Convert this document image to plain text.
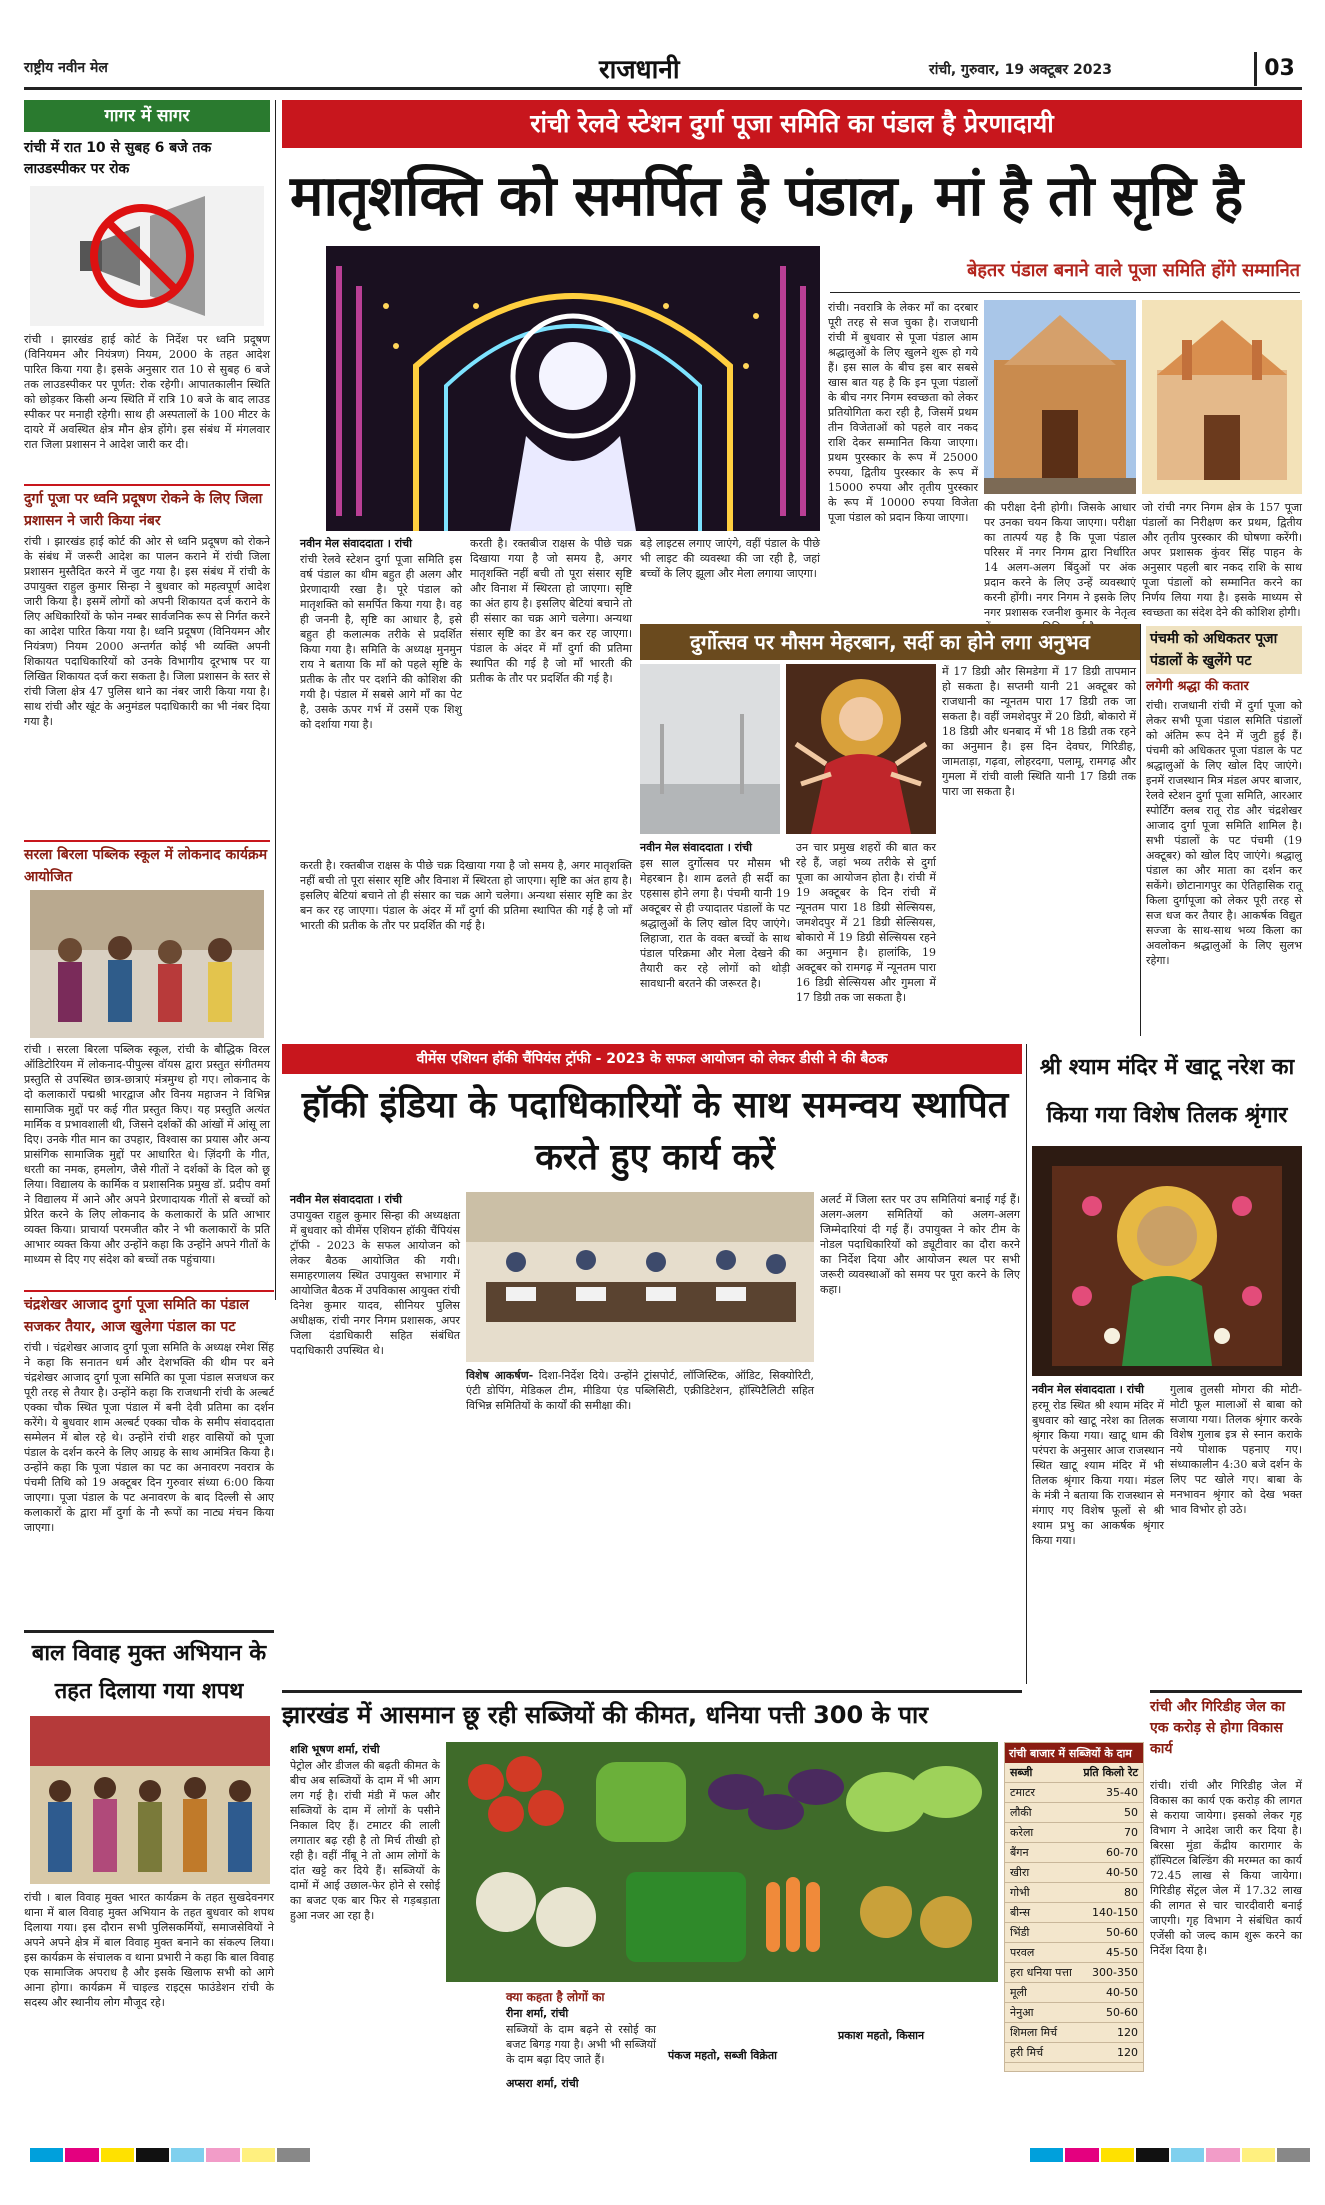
राष्ट्रीय नवीन मेल	राजधानी	रांची, गुरुवार, 19 अक्टूबर 2023	03
गागर में सागर
रांची में रात 10 से सुबह 6 बजे तक लाउडस्पीकर पर रोक
रांची । झारखंड हाई कोर्ट के निर्देश पर ध्वनि प्रदूषण (विनियमन और नियंत्रण) नियम, 2000 के तहत आदेश पारित किया गया है। इसके अनुसार रात 10 से सुबह 6 बजे तक लाउडस्पीकर पर पूर्णत: रोक रहेगी। आपातकालीन स्थिति को छोड़कर किसी अन्य स्थिति में रात्रि 10 बजे के बाद लाउड स्पीकर पर मनाही रहेगी। साथ ही अस्पतालों के 100 मीटर के दायरे में अवस्थित क्षेत्र मौन क्षेत्र होंगे। इस संबंध में मंगलवार रात जिला प्रशासन ने आदेश जारी कर दी।
दुर्गा पूजा पर ध्वनि प्रदूषण रोकने के लिए जिला प्रशासन ने जारी किया नंबर
रांची । झारखंड हाई कोर्ट की ओर से ध्वनि प्रदूषण को रोकने के संबंध में जरूरी आदेश का पालन कराने में रांची जिला प्रशासन मुस्तैदित करने में जुट गया है। इस संबंध में रांची के उपायुक्त राहुल कुमार सिन्हा ने बुधवार को महत्वपूर्ण आदेश जारी किया है। इसमें लोगों को अपनी शिकायत दर्ज कराने के लिए अधिकारियों के फोन नम्बर सार्वजनिक रूप से निर्गत करने का आदेश पारित किया गया है। ध्वनि प्रदूषण (विनियमन और नियंत्रण) नियम 2000 अन्तर्गत कोई भी व्यक्ति अपनी शिकायत पदाधिकारियों को उनके विभागीय दूरभाष पर या लिखित शिकायत दर्ज करा सकता है। जिला प्रशासन के स्तर से रांची जिला क्षेत्र 47 पुलिस थाने का नंबर जारी किया गया है। साथ रांची और खूंट के अनुमंडल पदाधिकारी का भी नंबर दिया गया है।
सरला बिरला पब्लिक स्कूल में लोकनाद कार्यक्रम आयोजित
रांची । सरला बिरला पब्लिक स्कूल, रांची के बौद्धिक विरल ऑडिटोरियम में लोकनाद-पीपुल्स वॉयस द्वारा प्रस्तुत संगीतमय प्रस्तुति से उपस्थित छात्र-छात्राएं मंत्रमुग्ध हो गए। लोकनाद के दो कलाकारों पद्मश्री भारद्वाज और विनय महाजन ने विभिन्न सामाजिक मुद्दों पर कई गीत प्रस्तुत किए। यह प्रस्तुति अत्यंत मार्मिक व प्रभावशाली थी, जिसने दर्शकों की आंखों में आंसू ला दिए। उनके गीत मान का उपहार, विश्वास का प्रयास और अन्य प्रासंगिक सामाजिक मुद्दों पर आधारित थे। ज़िंदगी के गीत, धरती का नमक, हमलोग, जैसे गीतों ने दर्शकों के दिल को छू लिया। विद्यालय के कार्मिक व प्रशासनिक प्रमुख डॉ. प्रदीप वर्मा ने विद्यालय में आने और अपने प्रेरणादायक गीतों से बच्चों को प्रेरित करने के लिए लोकनाद के कलाकारों के प्रति आभार व्यक्त किया। प्राचार्या परमजीत कौर ने भी कलाकारों के प्रति आभार व्यक्त किया और उन्होंने कहा कि उन्होंने अपने गीतों के माध्यम से दिए गए संदेश को बच्चों तक पहुंचाया।
चंद्रशेखर आजाद दुर्गा पूजा समिति का पंडाल सजकर तैयार, आज खुलेगा पंडाल का पट
रांची । चंद्रशेखर आजाद दुर्गा पूजा समिति के अध्यक्ष रमेश सिंह ने कहा कि सनातन धर्म और देशभक्ति की थीम पर बने चंद्रशेखर आजाद दुर्गा पूजा समिति का पूजा पंडाल सजधज कर पूरी तरह से तैयार है। उन्होंने कहा कि राजधानी रांची के अल्बर्ट एक्का चौक स्थित पूजा पंडाल में बनी देवी प्रतिमा का दर्शन करेंगे। ये बुधवार शाम अल्बर्ट एक्का चौक के समीप संवाददाता सम्मेलन में बोल रहे थे। उन्होंने रांची शहर वासियों को पूजा पंडाल के दर्शन करने के लिए आग्रह के साथ आमंत्रित किया है। उन्होंने कहा कि पूजा पंडाल का पट का अनावरण नवरात्र के पंचमी तिथि को 19 अक्टूबर दिन गुरुवार संध्या 6:00 किया जाएगा। पूजा पंडाल के पट अनावरण के बाद दिल्ली से आए कलाकारों के द्वारा माँ दुर्गा के नौ रूपों का नाट्य मंचन किया जाएगा।
रांची रेलवे स्टेशन दुर्गा पूजा समिति का पंडाल है प्रेरणादायी
मातृशक्ति को समर्पित है पंडाल, मां है तो सृष्टि है
बेहतर पंडाल बनाने वाले पूजा समिति होंगे सम्मानित
रांची। नवरात्रि के लेकर माँ का दरबार पूरी तरह से सज चुका है। राजधानी रांची में बुधवार से पूजा पंडाल आम श्रद्धालुओं के लिए खुलने शुरू हो गये हैं। इस साल के बीच इस बार सबसे खास बात यह है कि इन पूजा पंडालों के बीच नगर निगम स्वच्छता को लेकर प्रतियोगिता करा रही है, जिसमें प्रथम तीन विजेताओं को पहले वार नकद राशि देकर सम्मानित किया जाएगा। प्रथम पुरस्कार के रूप में 25000 रुपया, द्वितीय पुरस्कार के रूप में 15000 रुपया और तृतीय पुरस्कार के रूप में 10000 रुपया विजेता पूजा पंडाल को प्रदान किया जाएगा।
की परीक्षा देनी होगी। जिसके आधार पर उनका चयन किया जाएगा। परीक्षा का तात्पर्य यह है कि पूजा पंडाल परिसर में नगर निगम द्वारा निर्धारित 14 अलग-अलग बिंदुओं पर अंक प्रदान करने के लिए उन्हें व्यवस्थाएं करनी होंगी। नगर निगम ने इसके लिए नगर प्रशासक रजनीश कुमार के नेतृत्व
जो रांची नगर निगम क्षेत्र के 157 पूजा पंडालों का निरीक्षण कर प्रथम, द्वितीय और तृतीय पुरस्कार की घोषणा करेंगी। अपर प्रशासक कुंवर सिंह पाहन के अनुसार पहली बार नकद राशि के साथ पूजा पंडालों को सम्मानित करने का निर्णय लिया गया है। इसके माध्यम से स्वच्छता का संदेश देने की कोशिश होगी।
नवीन मेल संवाददाता । रांची
रांची रेलवे स्टेशन दुर्गा पूजा समिति इस वर्ष पंडाल का थीम बहुत ही अलग और प्रेरणादायी रखा है। पूरे पंडाल को मातृशक्ति को समर्पित किया गया है। वह ही जननी है, सृष्टि का आधार है, इसे बहुत ही कलात्मक तरीके से प्रदर्शित किया गया है। समिति के अध्यक्ष मुनमुन राय ने बताया कि माँ को पहले सृष्टि के प्रतीक के तौर पर दर्शाने की कोशिश की गयी है। पंडाल में सबसे आगे माँ का पेट है, उसके ऊपर गर्भ में उसमें एक शिशु को दर्शाया गया है।
करती है। रक्तबीज राक्षस के पीछे चक्र दिखाया गया है जो समय है, अगर मातृशक्ति नहीं बची तो पूरा संसार सृष्टि और विनाश में स्थिरता हो जाएगा। सृष्टि का अंत हाय है। इसलिए बेटियां बचाने तो ही संसार का चक्र आगे चलेगा। अन्यथा संसार सृष्टि का डेर बन कर रह जाएगा। पंडाल के अंदर में माँ दुर्गा की प्रतिमा स्थापित की गई है जो माँ भारती की प्रतीक के तौर पर प्रदर्शित की गई है।
बड़े लाइटस लगाए जाएंगे, वहीं पंडाल के पीछे भी लाइट की व्यवस्था की जा रही है, जहां बच्चों के लिए झूला और मेला लगाया जाएगा।
दुर्गोत्सव पर मौसम मेहरबान, सर्दी का होने लगा अनुभव
नवीन मेल संवाददाता । रांची
इस साल दुर्गोत्सव पर मौसम भी मेहरबान है। शाम ढलते ही सर्दी का एहसास होने लगा है। पंचमी यानी 19 अक्टूबर से ही ज्यादातर पंडालों के पट श्रद्धालुओं के लिए खोल दिए जाएंगे। लिहाजा, रात के वक्त बच्चों के साथ पंडाल परिक्रमा और मेला देखने की तैयारी कर रहे लोगों को थोड़ी सावधानी बरतने की जरूरत है।
उन चार प्रमुख शहरों की बात कर रहे हैं, जहां भव्य तरीके से दुर्गा पूजा का आयोजन होता है। रांची में 19 अक्टूबर के दिन रांची में न्यूनतम पारा 18 डिग्री सेल्सियस, जमशेदपुर में 21 डिग्री सेल्सियस, बोकारो में 19 डिग्री सेल्सियस रहने का अनुमान है। हालांकि, 19 अक्टूबर को रामगढ़ में न्यूनतम पारा 16 डिग्री सेल्सियस और गुमला में 17 डिग्री तक जा सकता है।
में 17 डिग्री और सिमडेगा में 17 डिग्री तापमान हो सकता है। सप्तमी यानी 21 अक्टूबर को राजधानी का न्यूनतम पारा 17 डिग्री तक जा सकता है। वहीं जमशेदपुर में 20 डिग्री, बोकारो में 18 डिग्री और धनबाद में भी 18 डिग्री तक रहने का अनुमान है। इस दिन देवघर, गिरिडीह, जामताड़ा, गढ़वा, लोहरदगा, पलामू, रामगढ़ और गुमला में रांची वाली स्थिति यानी 17 डिग्री तक पारा जा सकता है।
करती है। रक्तबीज राक्षस के पीछे चक्र दिखाया गया है जो समय है, अगर मातृशक्ति नहीं बची तो पूरा संसार सृष्टि और विनाश में स्थिरता हो जाएगा। सृष्टि का अंत हाय है। इसलिए बेटियां बचाने तो ही संसार का चक्र आगे चलेगा। अन्यथा संसार सृष्टि का डेर बन कर रह जाएगा। पंडाल के अंदर में माँ दुर्गा की प्रतिमा स्थापित की गई है जो माँ भारती की प्रतीक के तौर पर प्रदर्शित की गई है।
पंचमी को अधिकतर पूजा पंडालों के खुलेंगे पट
लगेगी श्रद्धा की कतार
रांची। राजधानी रांची में दुर्गा पूजा को लेकर सभी पूजा पंडाल समिति पंडालों को अंतिम रूप देने में जुटी हुई हैं। पंचमी को अधिकतर पूजा पंडाल के पट श्रद्धालुओं के लिए खोल दिए जाएंगे। इनमें राजस्थान मित्र मंडल अपर बाजार, रेलवे स्टेशन दुर्गा पूजा समिति, आरआर स्पोर्टिंग क्लब रातू रोड और चंद्रशेखर आजाद दुर्गा पूजा समिति शामिल है। सभी पंडालों के पट पंचमी (19 अक्टूबर) को खोल दिए जाएंगे। श्रद्धालु पंडाल का और माता का दर्शन कर सकेंगे। छोटानागपुर का ऐतिहासिक रातू किला दुर्गापूजा को लेकर पूरी तरह से सज धज कर तैयार है। आकर्षक विद्युत सज्जा के साथ-साथ भव्य किला का अवलोकन श्रद्धालुओं के लिए सुलभ रहेगा।
वीमेंस एशियन हॉकी चैंपियंस ट्रॉफी - 2023 के सफल आयोजन को लेकर डीसी ने की बैठक
हॉकी इंडिया के पदाधिकारियों के साथ समन्वय स्थापित करते हुए कार्य करें
नवीन मेल संवाददाता । रांची
उपायुक्त राहुल कुमार सिन्हा की अध्यक्षता में बुधवार को वीमेंस एशियन हॉकी चैंपियंस ट्रॉफी - 2023 के सफल आयोजन को लेकर बैठक आयोजित की गयी। समाहरणालय स्थित उपायुक्त सभागार में आयोजित बैठक में उपविकास आयुक्त रांची दिनेश कुमार यादव, सीनियर पुलिस अधीक्षक, रांची नगर निगम प्रशासक, अपर जिला दंडाधिकारी सहित संबंधित पदाधिकारी उपस्थित थे।
विशेष आकर्षण- दिशा-निर्देश दिये। उन्होंने ट्रांसपोर्ट, लॉजिस्टिक, ऑडिट, सिक्योरिटी, एंटी डोपिंग, मेडिकल टीम, मीडिया एंड पब्लिसिटी, एक्रीडिटेशन, हॉस्पिटैलिटी सहित विभिन्न समितियों के कार्यों की समीक्षा की।
अलर्ट में जिला स्तर पर उप समितियां बनाई गई हैं। अलग-अलग समितियों को अलग-अलग जिम्मेदारियां दी गई हैं। उपायुक्त ने कोर टीम के नोडल पदाधिकारियों को ड्यूटीवार का दौरा करने का निर्देश दिया और आयोजन स्थल पर सभी जरूरी व्यवस्थाओं को समय पर पूरा करने के लिए कहा।
श्री श्याम मंदिर में खाटू नरेश का किया गया विशेष तिलक श्रृंगार
नवीन मेल संवाददाता । रांची
हरमू रोड स्थित श्री श्याम मंदिर में बुधवार को खाटू नरेश का तिलक श्रृंगार किया गया। खाटू धाम की परंपरा के अनुसार आज राजस्थान स्थित खाटू श्याम मंदिर में भी तिलक श्रृंगार किया गया। मंडल के मंत्री ने बताया कि राजस्थान से मंगाए गए विशेष फूलों से श्री श्याम प्रभु का आकर्षक श्रृंगार किया गया।
गुलाब तुलसी मोगरा की मोटी-मोटी फूल मालाओं से बाबा को सजाया गया। तिलक श्रृंगार करके विशेष गुलाब इत्र से स्नान कराके नये पोशाक पहनाए गए। संध्याकालीन 4:30 बजे दर्शन के लिए पट खोले गए। बाबा के मनभावन श्रृंगार को देख भक्त भाव विभोर हो उठे।
बाल विवाह मुक्त अभियान के तहत दिलाया गया शपथ
रांची । बाल विवाह मुक्त भारत कार्यक्रम के तहत सुखदेवनगर थाना में बाल विवाह मुक्त अभियान के तहत बुधवार को शपथ दिलाया गया। इस दौरान सभी पुलिसकर्मियों, समाजसेवियों ने अपने अपने क्षेत्र में बाल विवाह मुक्त बनाने का संकल्प लिया। इस कार्यक्रम के संचालक व थाना प्रभारी ने कहा कि बाल विवाह एक सामाजिक अपराध है और इसके खिलाफ सभी को आगे आना होगा। कार्यक्रम में चाइल्ड राइट्स फाउंडेशन रांची के सदस्य और स्थानीय लोग मौजूद रहे।
झारखंड में आसमान छू रही सब्जियों की कीमत, धनिया पत्ती 300 के पार
शशि भूषण शर्मा, रांची
पेट्रोल और डीजल की बढ़ती कीमत के बीच अब सब्जियों के दाम में भी आग लग गई है। रांची मंडी में फल और सब्जियों के दाम में लोगों के पसीने निकाल दिए हैं। टमाटर की लाली लगातार बढ़ रही है तो मिर्च तीखी हो रही है। वहीं नींबू ने तो आम लोगों के दांत खट्टे कर दिये हैं। सब्जियों के दामों में आई उछाल-फेर होने से रसोई का बजट एक बार फिर से गड़बड़ाता हुआ नजर आ रहा है।
रांची बाजार में सब्जियों के दाम
सब्जी	प्रति किलो रेट
टमाटर	35-40
लौकी	50
करेला	70
बैंगन	60-70
खीरा	40-50
गोभी	80
बीन्स	140-150
भिंडी	50-60
परवल	45-50
हरा धनिया पत्ता	300-350
मूली	40-50
नेनुआ	50-60
शिमला मिर्च	120
हरी मिर्च	120
क्या कहता है लोगों का
रीना शर्मा, रांची
सब्जियों के दाम बढ़ने से रसोई का बजट बिगड़ गया है। अभी भी सब्जियों के दाम बढ़ा दिए जाते हैं।
अप्सरा शर्मा, रांची
पंकज महतो, सब्जी विक्रेता
प्रकाश महतो, किसान
रांची और गिरिडीह जेल का एक करोड़ से होगा विकास कार्य
रांची। रांची और गिरिडीह जेल में विकास का कार्य एक करोड़ की लागत से कराया जायेगा। इसको लेकर गृह विभाग ने आदेश जारी कर दिया है। बिरसा मुंडा केंद्रीय कारागार के हॉस्पिटल बिल्डिंग की मरम्मत का कार्य 72.45 लाख से किया जायेगा। गिरिडीह सेंट्रल जेल में 17.32 लाख की लागत से चार चारदीवारी बनाई जाएगी। गृह विभाग ने संबंधित कार्य एजेंसी को जल्द काम शुरू करने का निर्देश दिया है।
